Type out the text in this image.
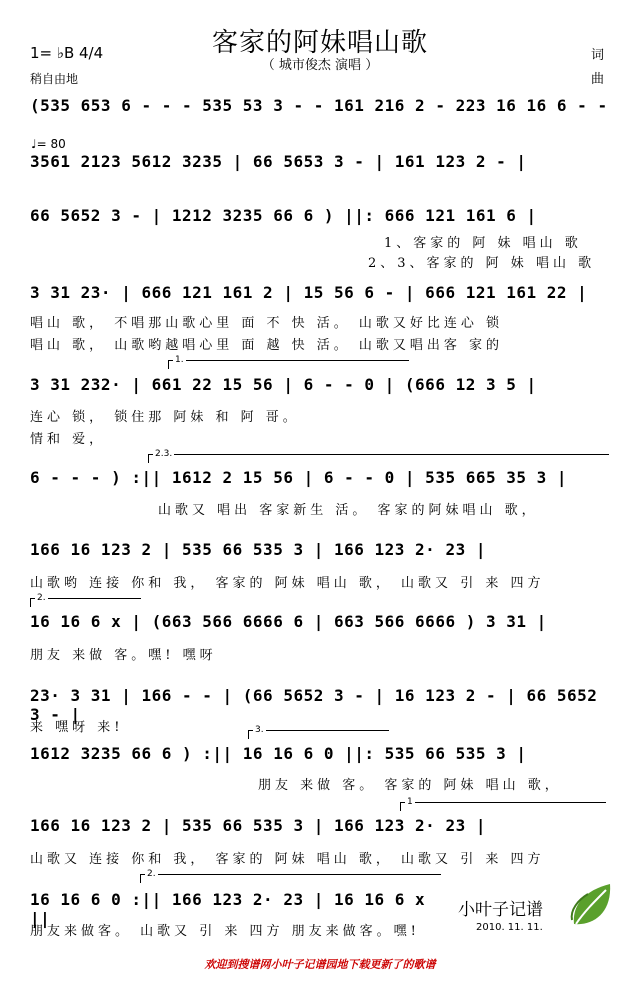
客家的阿妹唱山歌
（ 城市俊杰 演唱 ）
1= ♭B 4/4
稍自由地
词
曲
♩= 80
(535 653 6 - - - 535 53 3 - - 161 216 2 - 223 16 16 6 - -
3561 2123 5612 3235 | 66 5653 3 - | 161 123 2 - |
66 5652 3 - | 1212 3235 66 6 ) ||: 666 121 161 6 |
1、客家的 阿 妹 唱山 歌
2、3、客家的 阿 妹 唱山 歌
3 31 23· | 666 121 161 2 | 15 56 6 - | 666 121 161 22 |
唱山 歌， 不唱那山歌心里 面 不 快 活。 山歌又好比连心 锁
唱山 歌， 山歌哟越唱心里 面 越 快 活。 山歌又唱出客 家的
1.
3 31 232· | 661 22 15 56 | 6 - - 0 | (666 12 3 5 |
连心 锁， 锁住那 阿妹 和 阿 哥。
情和 爱，
2.3.
6 - - - ) :|| 1612 2 15 56 | 6 - - 0 | 535 665 35 3 |
山歌又 唱出 客家新生 活。 客家的阿妹唱山 歌，
166 16 123 2 | 535 66 535 3 | 166 123 2· 23 |
山歌哟 连接 你和 我， 客家的 阿妹 唱山 歌， 山歌又 引 来 四方
2.
16 16 6 x | (663 566 6666 6 | 663 566 6666 ) 3 31 |
朋友 来做 客。嘿! 嘿呀
23· 3 31 | 166 - - | (66 5652 3 - | 16 123 2 - | 66 5652 3 - |
来 嘿呀 来!	3.
1612 3235 66 6 ) :|| 16 16 6 0 ||: 535 66 535 3 |
朋友 来做 客。 客家的 阿妹 唱山 歌，
1
166 16 123 2 | 535 66 535 3 | 166 123 2· 23 |
山歌又 连接 你和 我， 客家的 阿妹 唱山 歌， 山歌又 引 来 四方
2.
16 16 6 0 :|| 166 123 2· 23 | 16 16 6 x ||
朋友来做客。 山歌又 引 来 四方 朋友来做客。嘿!
小叶子记谱
2010. 11. 11.
欢迎到搜谱网小叶子记谱园地下载更新了的歌谱
